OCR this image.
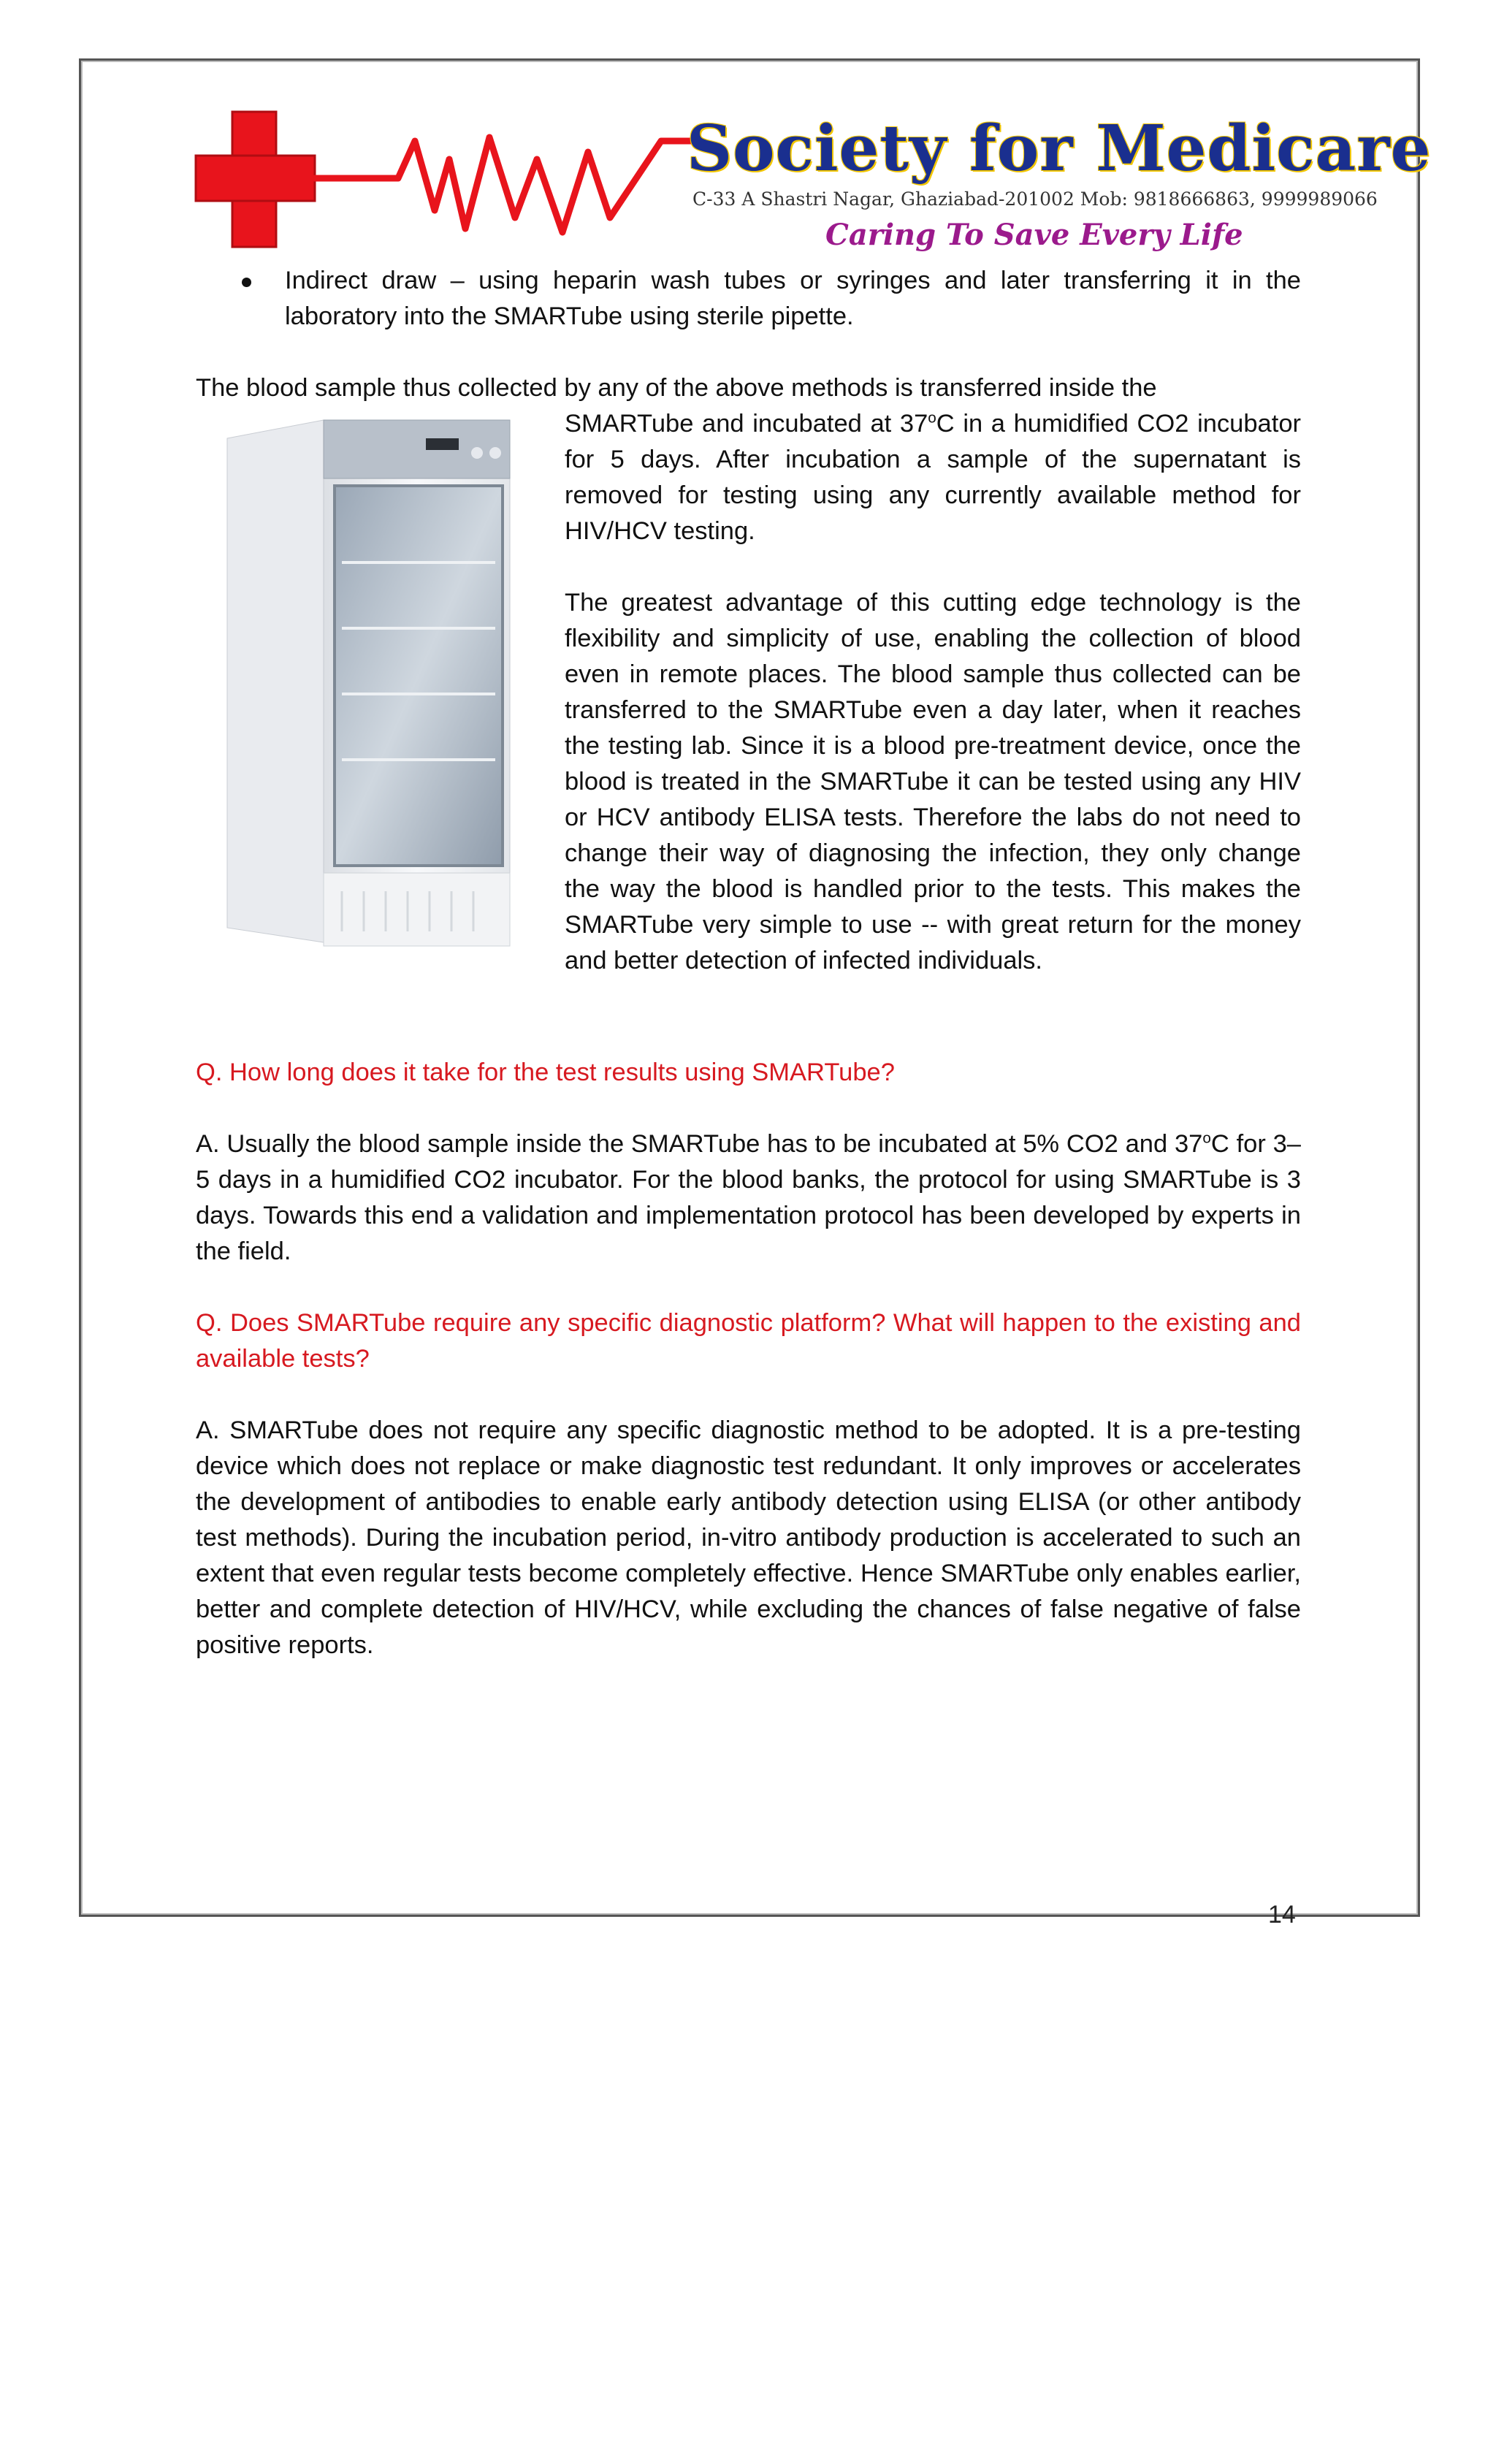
Society for Medicare
C-33 A Shastri Nagar, Ghaziabad-201002 Mob: 9818666863, 9999989066
Caring To Save Every Life
Indirect draw – using heparin wash tubes or syringes and later transferring it in the laboratory into the SMARTube using sterile pipette.

The blood sample thus collected by any of the above methods is transferred inside the

SMARTube and incubated at 37$^o$C in a humidified CO2 incubator for 5 days. After incubation a sample of the supernatant is removed for testing using any currently available method for HIV/HCV testing.

The greatest advantage of this cutting edge technology is the flexibility and simplicity of use, enabling the collection of blood even in remote places. The blood sample thus collected can be transferred to the SMARTube even a day later, when it reaches the testing lab. Since it is a blood pre-treatment device, once the blood is treated in the SMARTube it can be tested using any HIV or HCV antibody ELISA tests. Therefore the labs do not need to change their way of diagnosing the infection, they only change the way the blood is handled prior to the tests. This makes the SMARTube very simple to use -- with great return for the money and better detection of infected individuals.

Q. How long does it take for the test results using SMARTube?

A. Usually the blood sample inside the SMARTube has to be incubated at 5% CO2 and 37$^o$C for 3–5 days in a humidified CO2 incubator. For the blood banks, the protocol for using SMARTube is 3 days. Towards this end a validation and implementation protocol has been developed by experts in the field.

Q. Does SMARTube require any specific diagnostic platform? What will happen to the existing and available tests?

A. SMARTube does not require any specific diagnostic method to be adopted. It is a pre-testing device which does not replace or make diagnostic test redundant. It only improves or accelerates the development of antibodies to enable early antibody detection using ELISA (or other antibody test methods). During the incubation period, in-vitro antibody production is accelerated to such an extent that even regular tests become completely effective. Hence SMARTube only enables earlier, better and complete detection of HIV/HCV, while excluding the chances of false negative of false positive reports.

14
